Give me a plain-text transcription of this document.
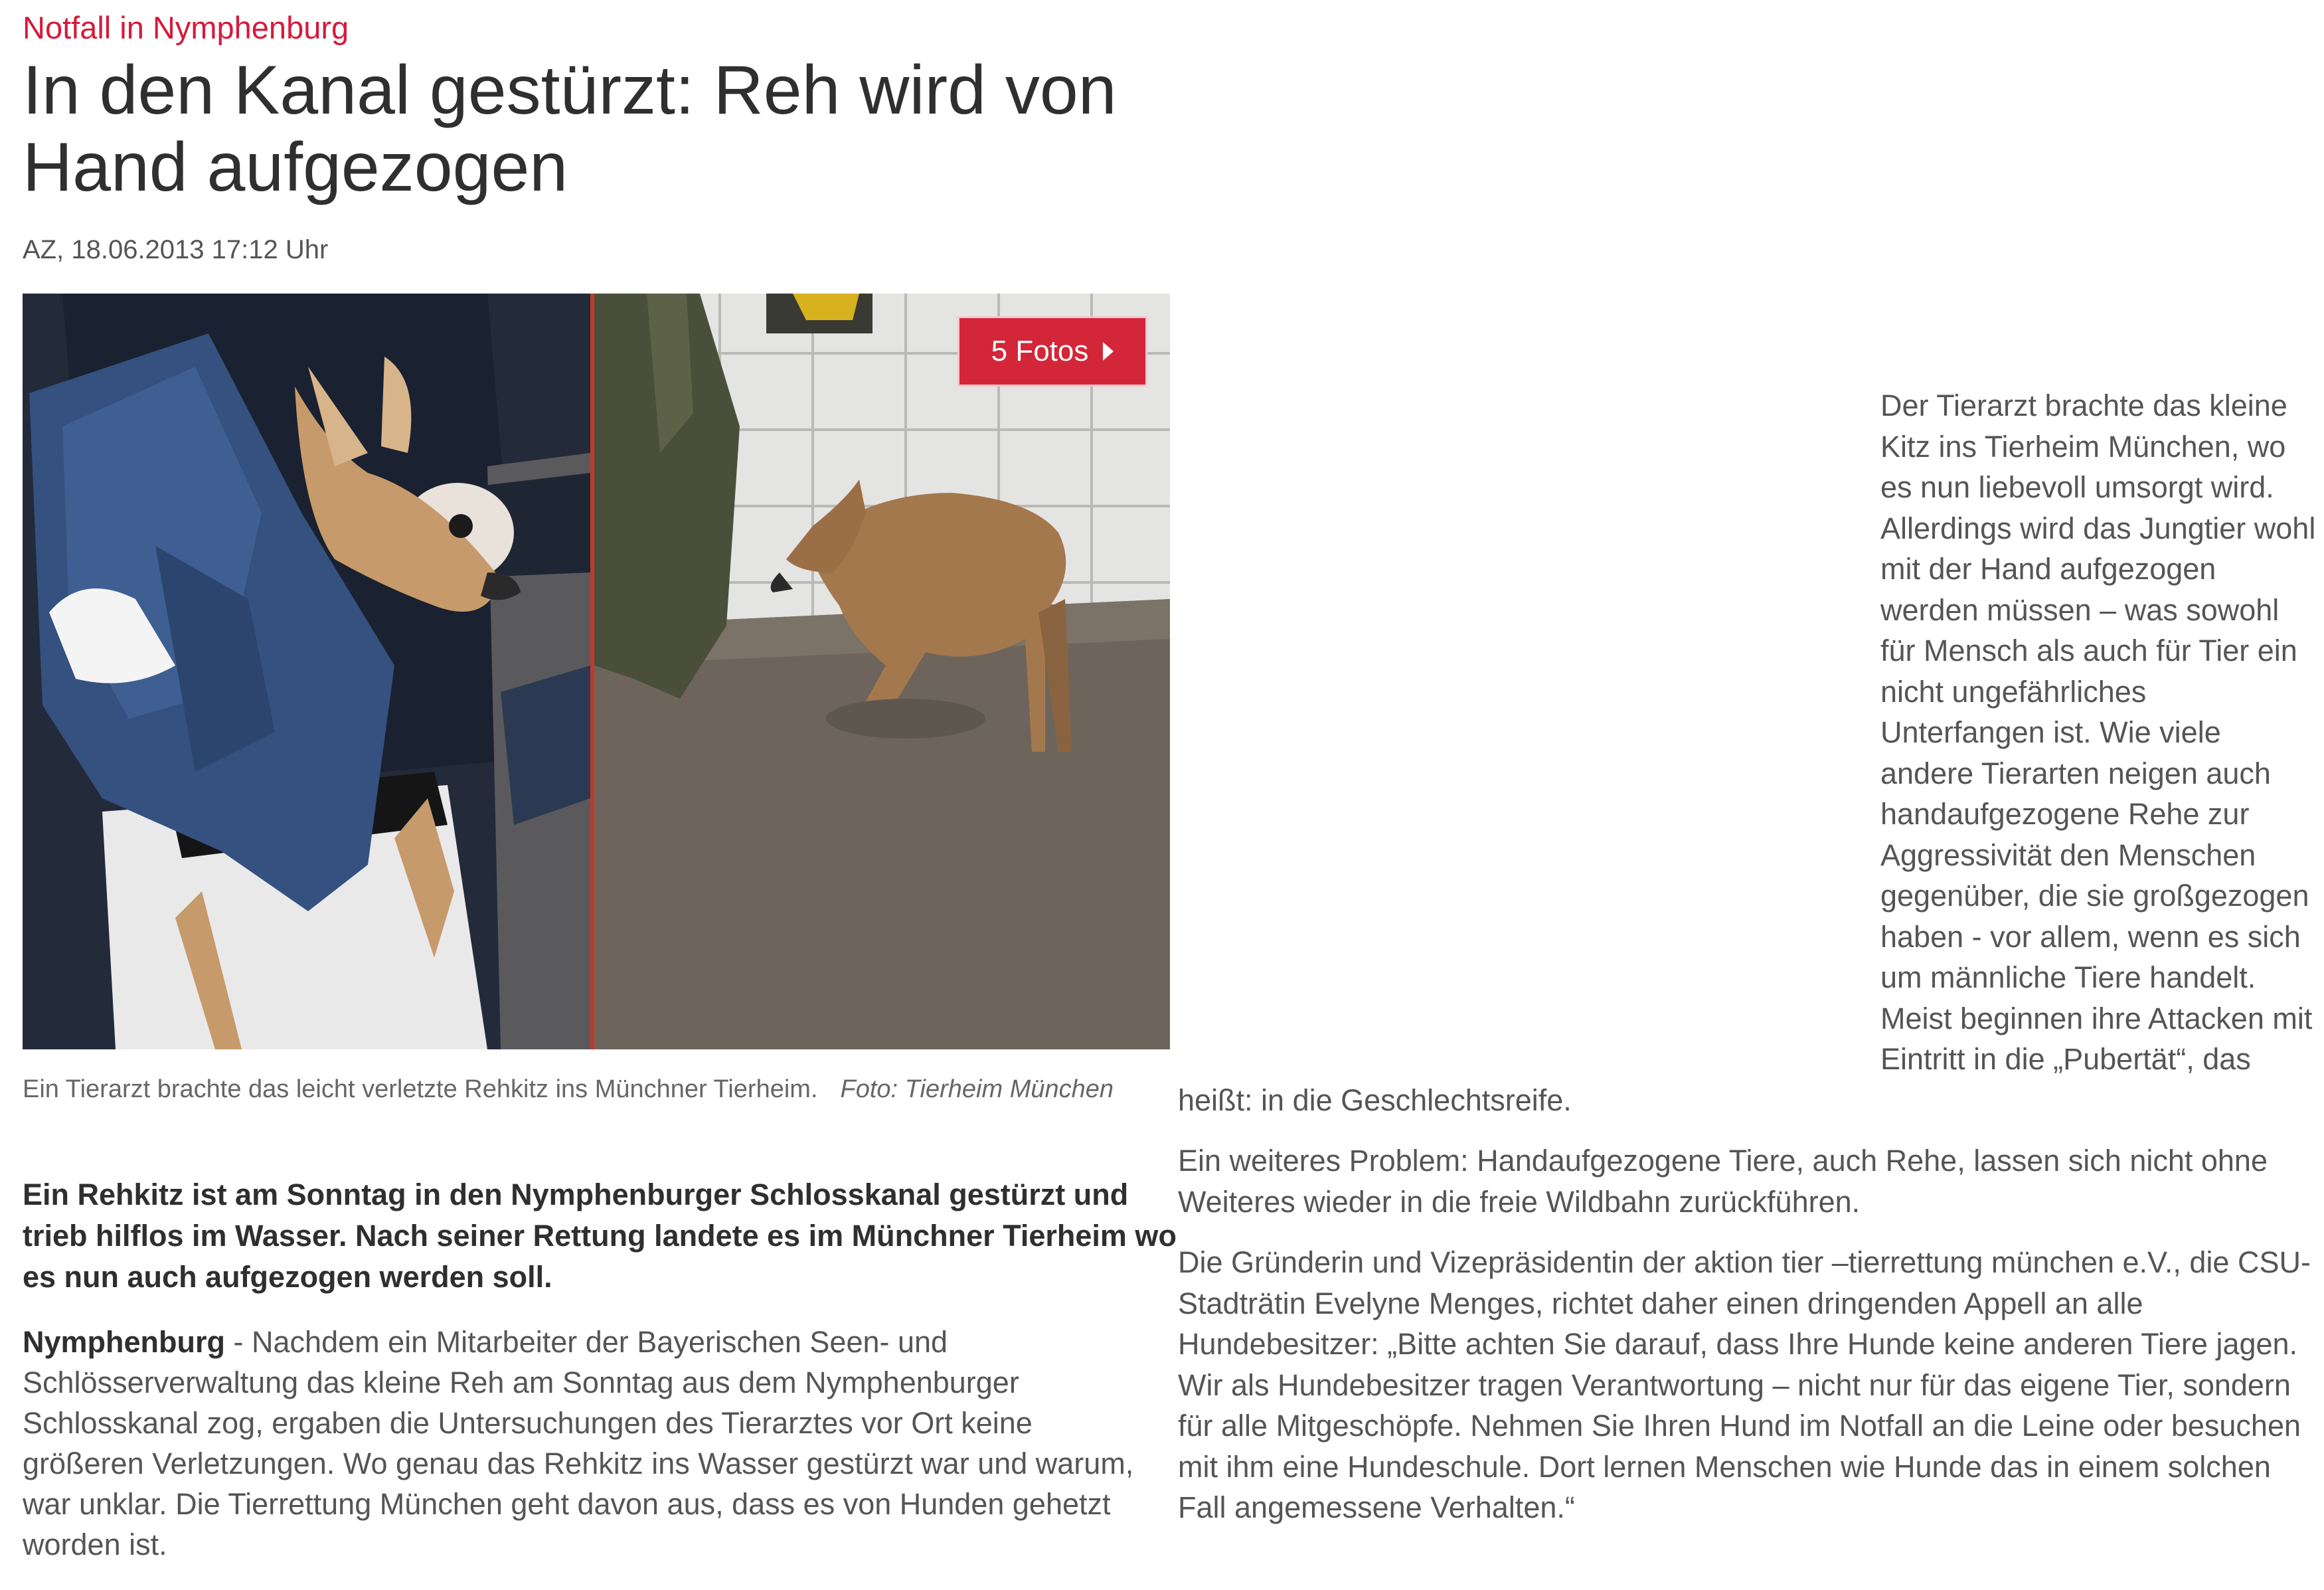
Notfall in Nymphenburg
In den Kanal gestürzt: Reh wird von Hand aufgezogen
AZ, 18.06.2013 17:12 Uhr
5 Fotos
Ein Tierarzt brachte das leicht verletzte Rehkitz ins Münchner Tierheim. Foto: Tierheim München

Ein Rehkitz ist am Sonntag in den Nymphenburger Schlosskanal gestürzt und trieb hilflos im Wasser. Nach seiner Rettung landete es im Münchner Tierheim wo es nun auch aufgezogen werden soll.

Nymphenburg - Nachdem ein Mitarbeiter der Bayerischen Seen- und Schlösserverwaltung das kleine Reh am Sonntag aus dem Nymphenburger Schlosskanal zog, ergaben die Untersuchungen des Tierarztes vor Ort keine größeren Verletzungen. Wo genau das Rehkitz ins Wasser gestürzt war und warum, war unklar. Die Tierrettung München geht davon aus, dass es von Hunden gehetzt worden ist.

Der Tierarzt brachte das kleine Kitz ins Tierheim München, wo es nun liebevoll umsorgt wird. Allerdings wird das Jungtier wohl mit der Hand aufgezogen werden müssen – was sowohl für Mensch als auch für Tier ein nicht ungefährliches Unterfangen ist. Wie viele andere Tierarten neigen auch handaufgezogene Rehe zur Aggressivität den Menschen gegenüber, die sie großgezogen haben - vor allem, wenn es sich um männliche Tiere handelt. Meist beginnen ihre Attacken mit Eintritt in die „Pubertät“, das heißt: in die Geschlechtsreife.

Ein weiteres Problem: Handaufgezogene Tiere, auch Rehe, lassen sich nicht ohne Weiteres wieder in die freie Wildbahn zurückführen.

Die Gründerin und Vizepräsidentin der aktion tier –tierrettung münchen e.V., die CSU-Stadträtin Evelyne Menges, richtet daher einen dringenden Appell an alle Hundebesitzer: „Bitte achten Sie darauf, dass Ihre Hunde keine anderen Tiere jagen. Wir als Hundebesitzer tragen Verantwortung – nicht nur für das eigene Tier, sondern für alle Mitgeschöpfe. Nehmen Sie Ihren Hund im Notfall an die Leine oder besuchen mit ihm eine Hundeschule. Dort lernen Menschen wie Hunde das in einem solchen Fall angemessene Verhalten.“
